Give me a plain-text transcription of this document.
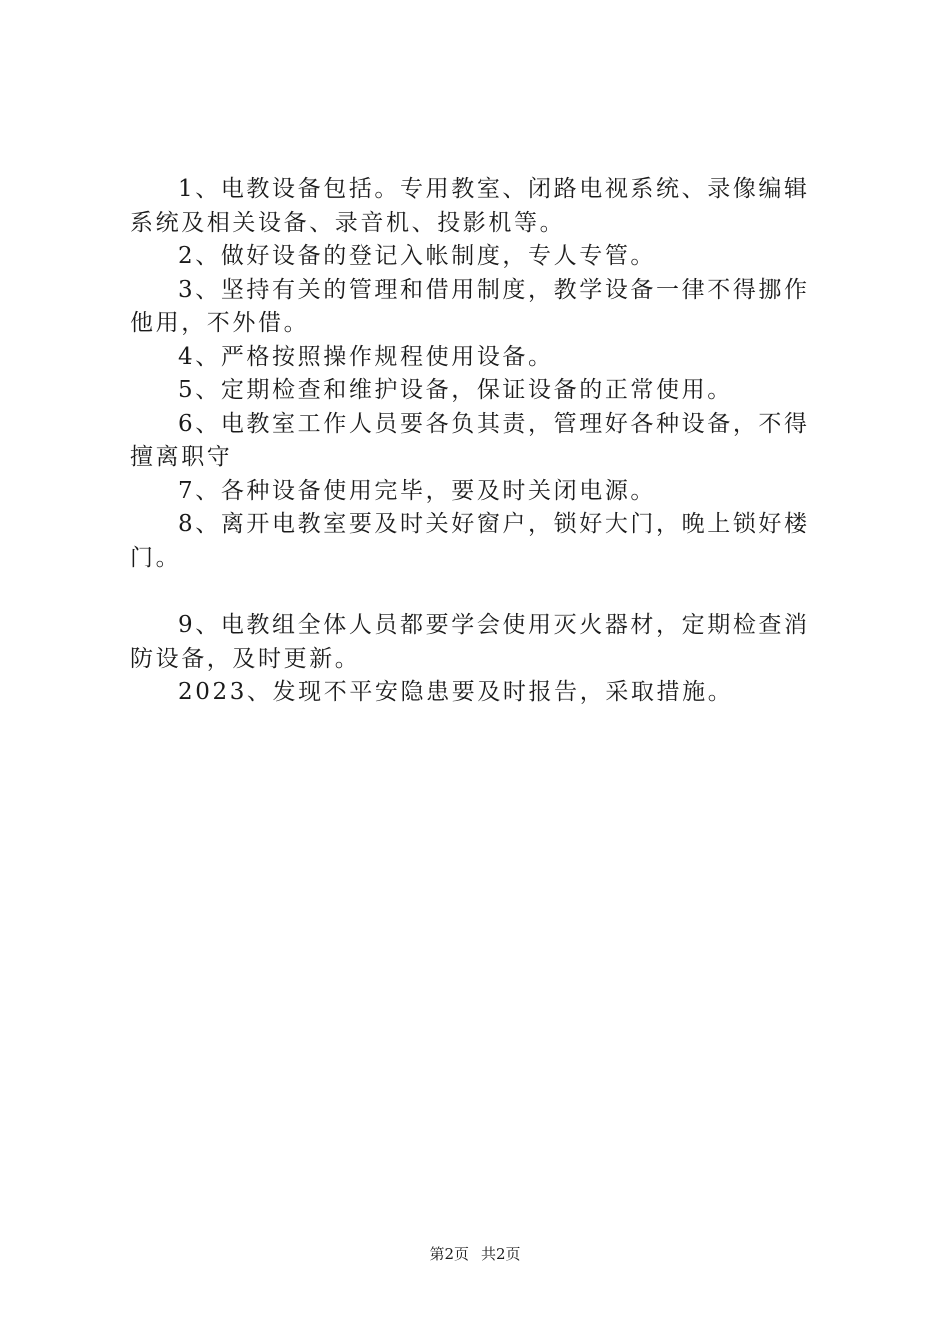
1、电教设备包括。专用教室、闭路电视系统、录像编辑系统及相关设备、录音机、投影机等。

2、做好设备的登记入帐制度，专人专管。

3、坚持有关的管理和借用制度，教学设备一律不得挪作他用，不外借。

4、严格按照操作规程使用设备。

5、定期检查和维护设备，保证设备的正常使用。

6、电教室工作人员要各负其责，管理好各种设备，不得擅离职守

7、各种设备使用完毕，要及时关闭电源。

8、离开电教室要及时关好窗户，锁好大门，晚上锁好楼门。

9、电教组全体人员都要学会使用灭火器材，定期检查消防设备，及时更新。

2023、发现不平安隐患要及时报告，采取措施。

第2页 共2页
